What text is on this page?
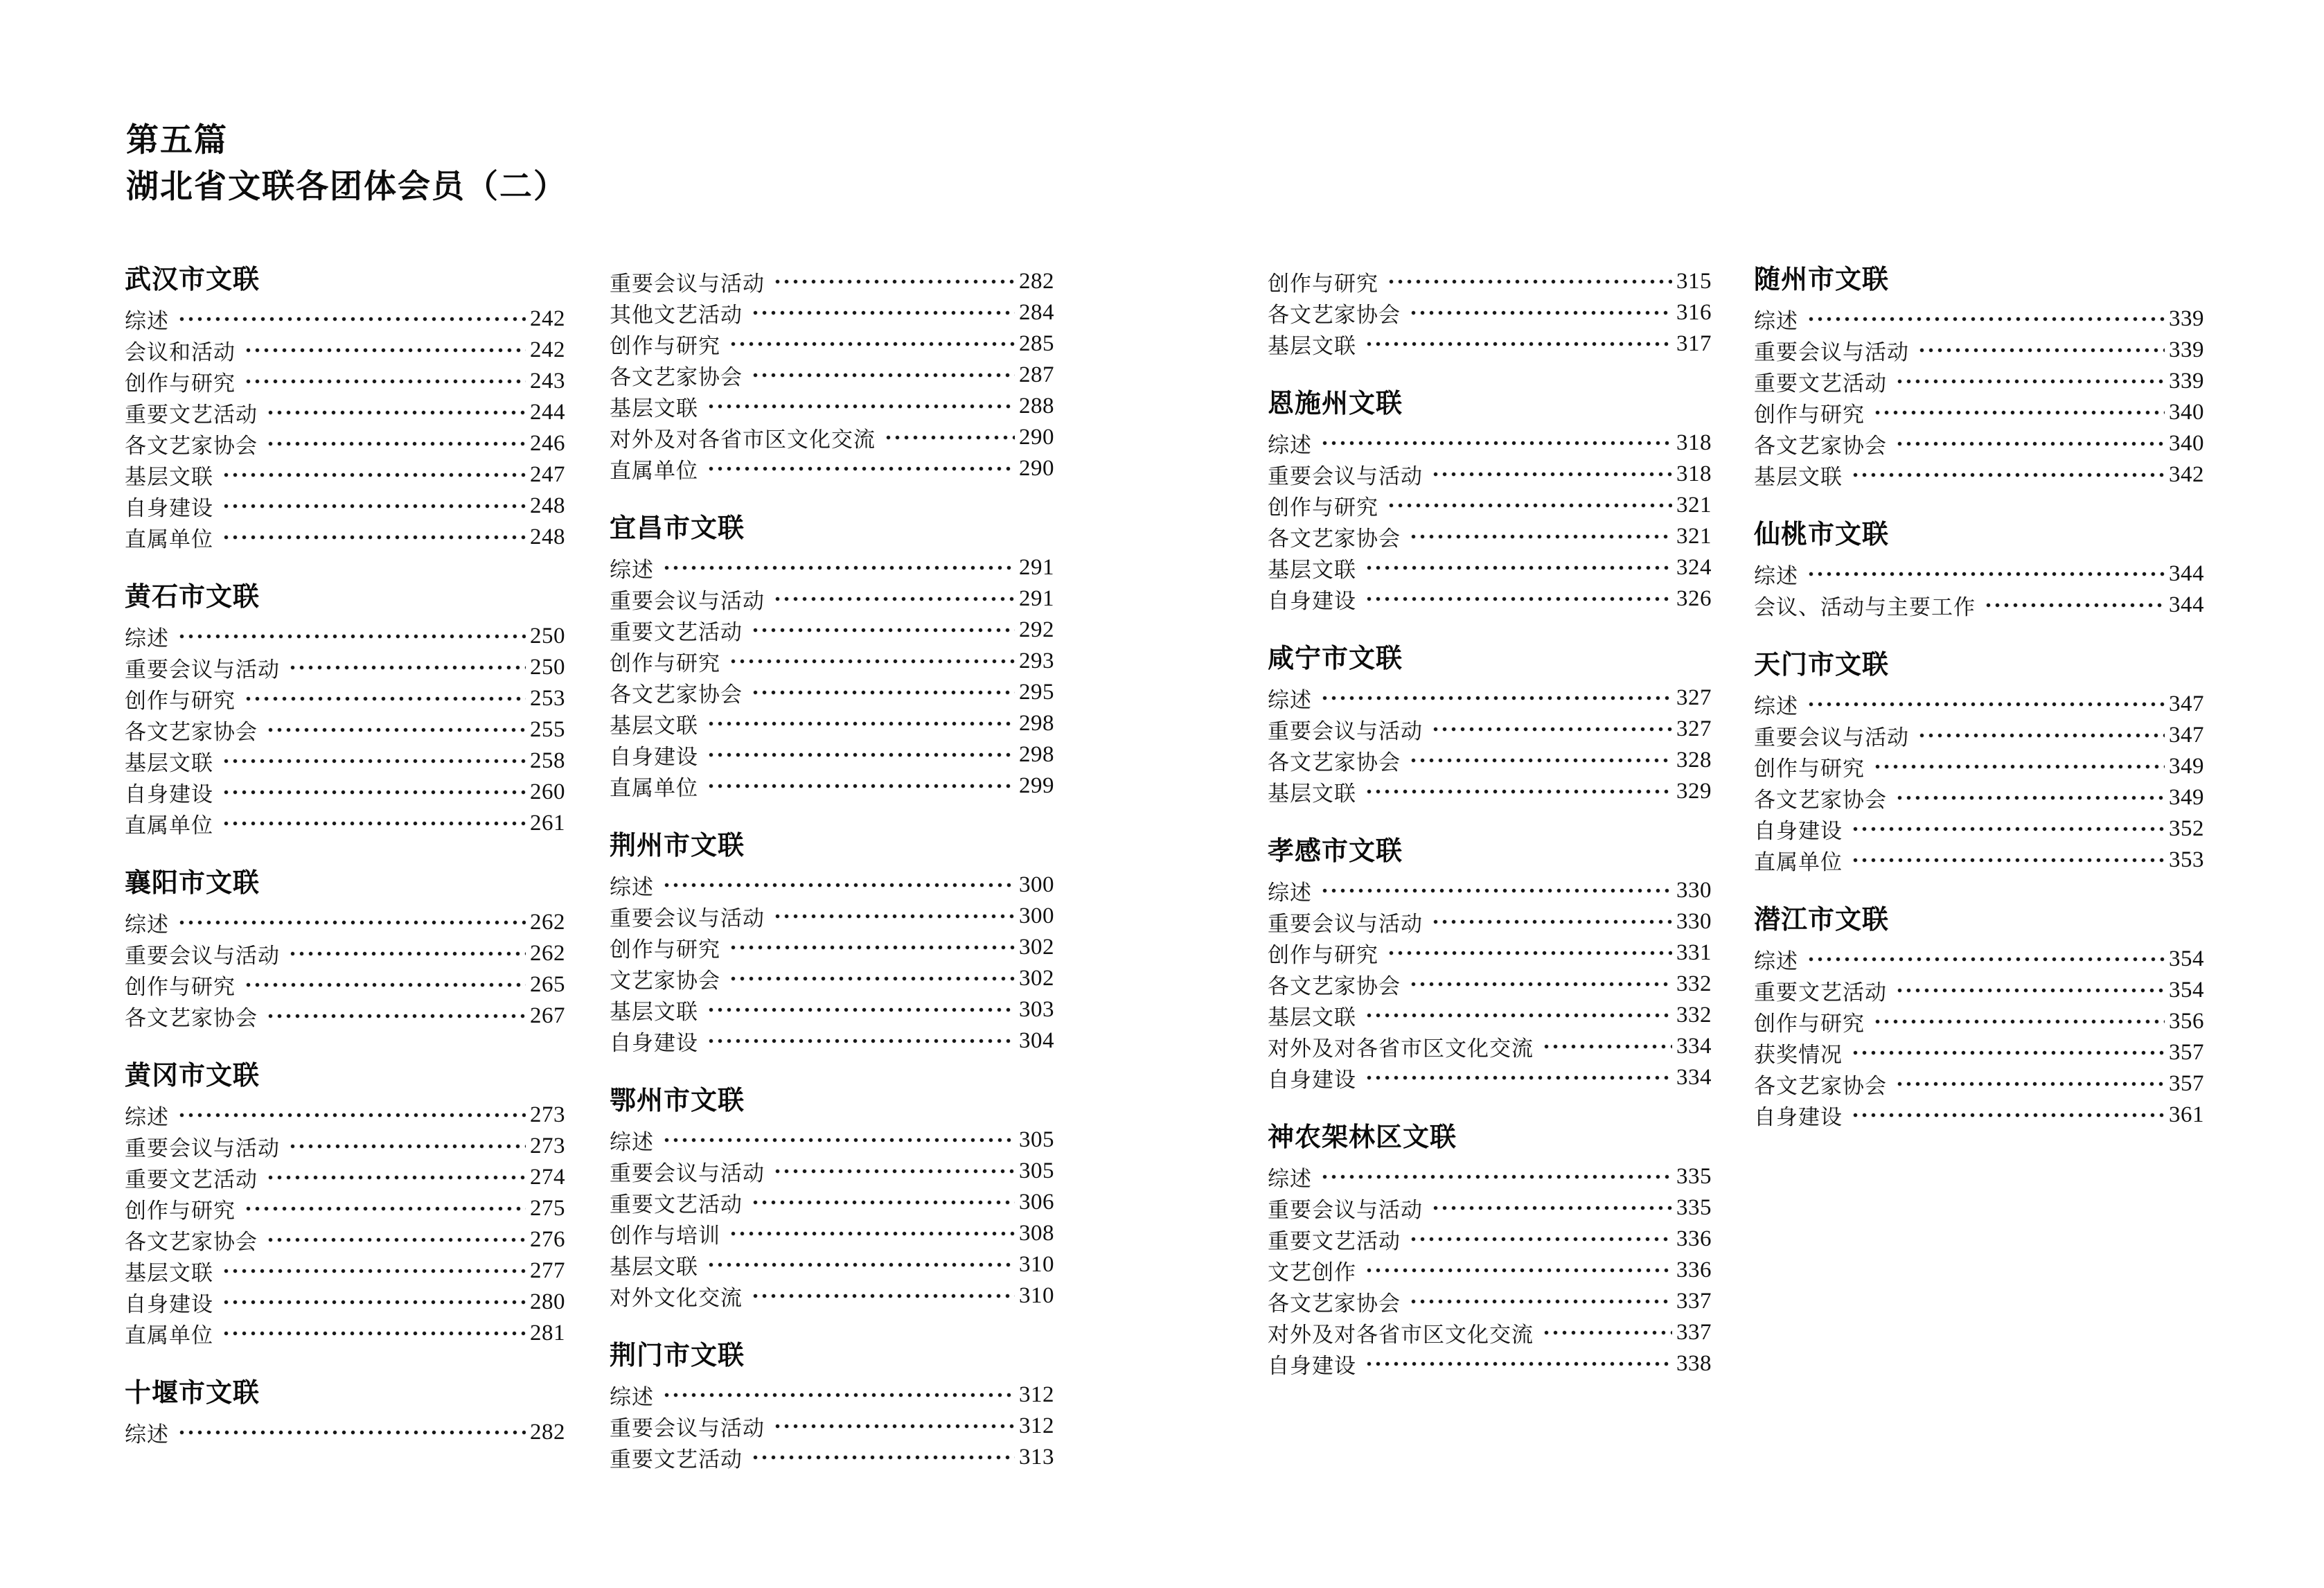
第五篇
湖北省文联各团体会员（二）
武汉市文联
综述	242
会议和活动	242
创作与研究	243
重要文艺活动	244
各文艺家协会	246
基层文联	247
自身建设	248
直属单位	248
黄石市文联
综述	250
重要会议与活动	250
创作与研究	253
各文艺家协会	255
基层文联	258
自身建设	260
直属单位	261
襄阳市文联
综述	262
重要会议与活动	262
创作与研究	265
各文艺家协会	267
黄冈市文联
综述	273
重要会议与活动	273
重要文艺活动	274
创作与研究	275
各文艺家协会	276
基层文联	277
自身建设	280
直属单位	281
十堰市文联
综述	282
重要会议与活动	282
其他文艺活动	284
创作与研究	285
各文艺家协会	287
基层文联	288
对外及对各省市区文化交流	290
直属单位	290
宜昌市文联
综述	291
重要会议与活动	291
重要文艺活动	292
创作与研究	293
各文艺家协会	295
基层文联	298
自身建设	298
直属单位	299
荆州市文联
综述	300
重要会议与活动	300
创作与研究	302
文艺家协会	302
基层文联	303
自身建设	304
鄂州市文联
综述	305
重要会议与活动	305
重要文艺活动	306
创作与培训	308
基层文联	310
对外文化交流	310
荆门市文联
综述	312
重要会议与活动	312
重要文艺活动	313
创作与研究	315
各文艺家协会	316
基层文联	317
恩施州文联
综述	318
重要会议与活动	318
创作与研究	321
各文艺家协会	321
基层文联	324
自身建设	326
咸宁市文联
综述	327
重要会议与活动	327
各文艺家协会	328
基层文联	329
孝感市文联
综述	330
重要会议与活动	330
创作与研究	331
各文艺家协会	332
基层文联	332
对外及对各省市区文化交流	334
自身建设	334
神农架林区文联
综述	335
重要会议与活动	335
重要文艺活动	336
文艺创作	336
各文艺家协会	337
对外及对各省市区文化交流	337
自身建设	338
随州市文联
综述	339
重要会议与活动	339
重要文艺活动	339
创作与研究	340
各文艺家协会	340
基层文联	342
仙桃市文联
综述	344
会议、活动与主要工作	344
天门市文联
综述	347
重要会议与活动	347
创作与研究	349
各文艺家协会	349
自身建设	352
直属单位	353
潜江市文联
综述	354
重要文艺活动	354
创作与研究	356
获奖情况	357
各文艺家协会	357
自身建设	361
